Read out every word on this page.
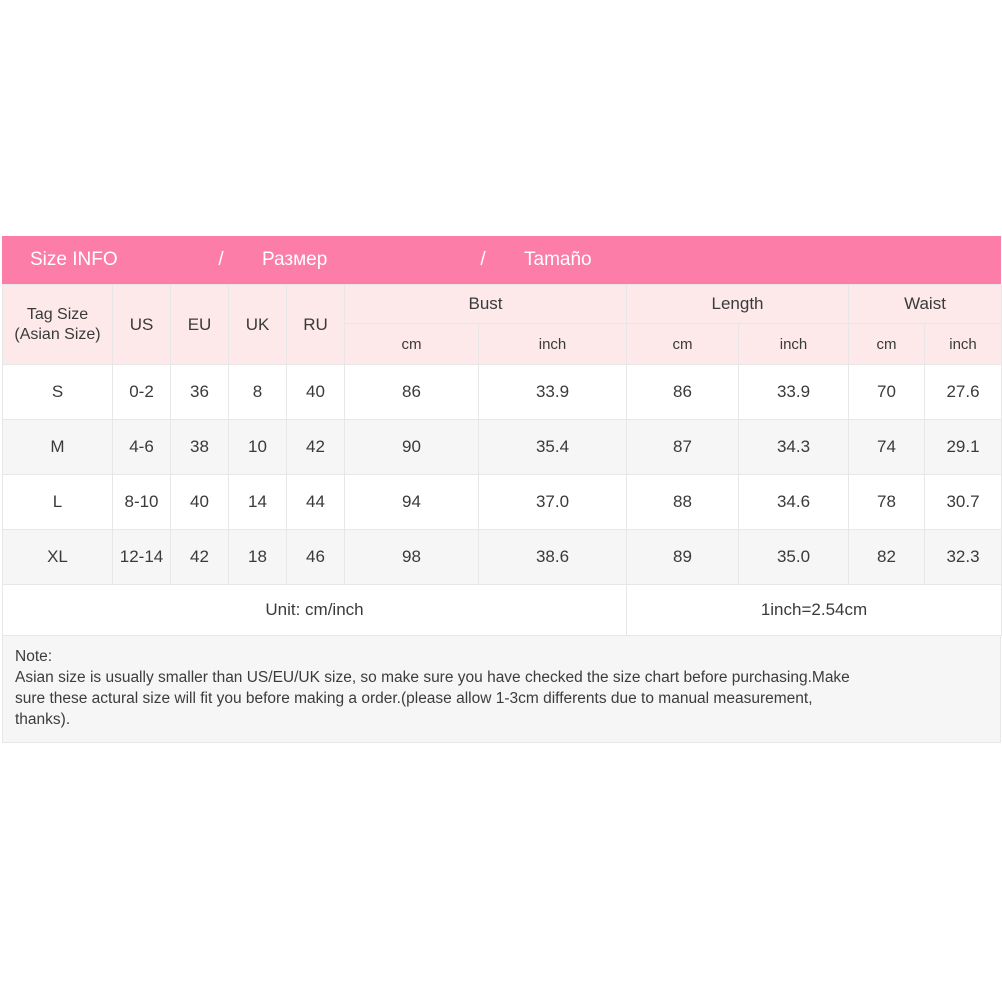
Size INFO	/	Размер	/	Tamaño
Tag Size
(Asian Size)	US	EU	UK	RU	Bust		Length		Waist	
					cm	inch	cm	inch	cm	inch
S	0-2	36	8	40	86	33.9	86	33.9	70	27.6
M	4-6	38	10	42	90	35.4	87	34.3	74	29.1
L	8-10	40	14	44	94	37.0	88	34.6	78	30.7
XL	12-14	42	18	46	98	38.6	89	35.0	82	32.3
Unit: cm/inch							1inch=2.54cm			
Note:
Asian size is usually smaller than US/EU/UK size, so make sure you have checked the size chart before purchasing.Make
sure these actural size will fit you before making a order.(please allow 1-3cm differents due to manual measurement,
thanks).
